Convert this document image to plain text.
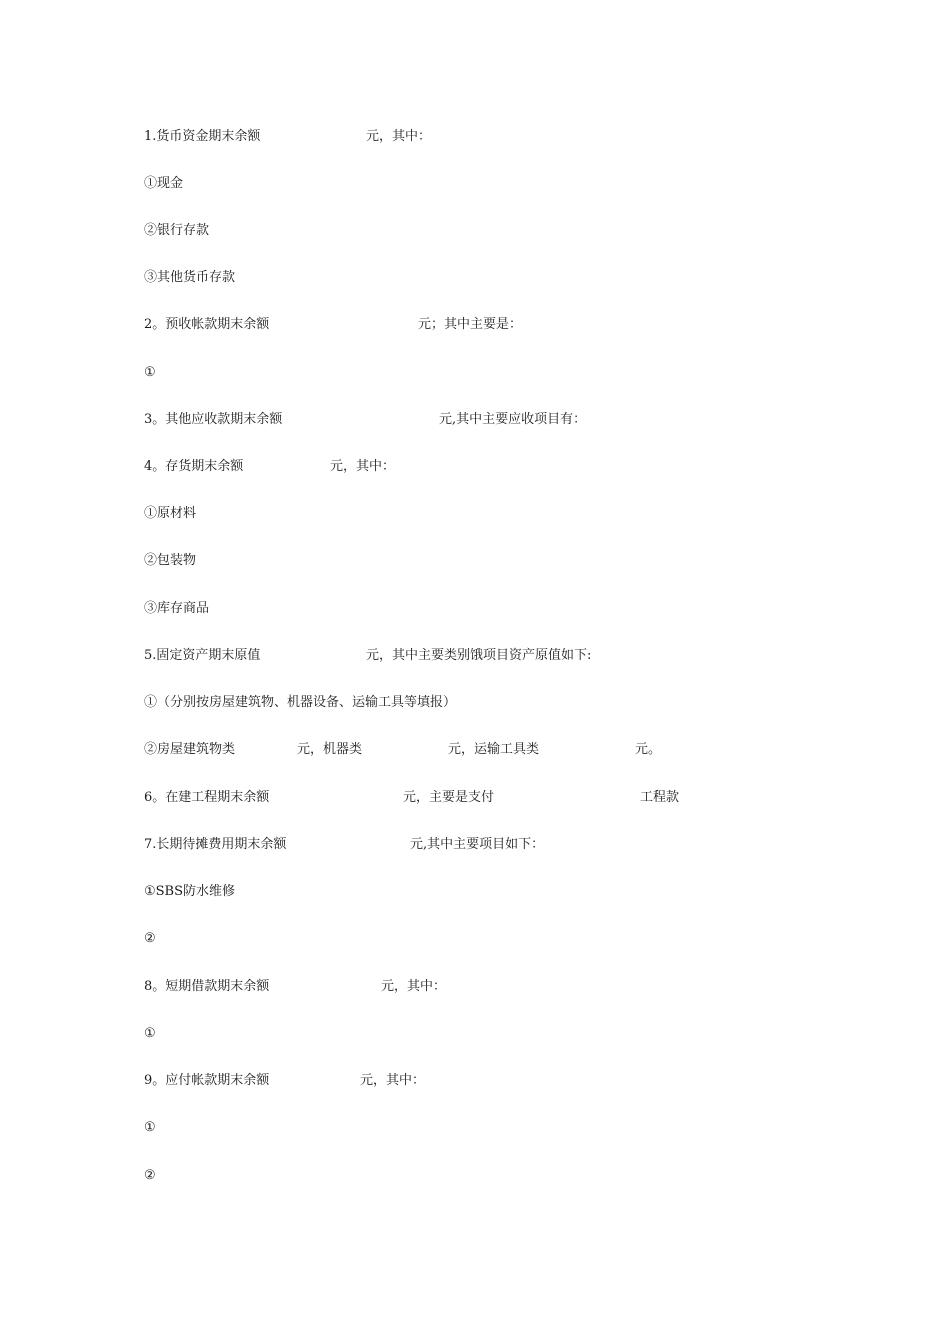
1.货币资金期末余额	元，其中：
①现金
②银行存款
③其他货币存款
2。预收帐款期末余额	元；其中主要是：
①
3。其他应收款期末余额	元,其中主要应收项目有：
4。存货期末余额	元，其中：
①原材料
②包装物
③库存商品
5.固定资产期末原值	元，其中主要类别饿项目资产原值如下:
①（分别按房屋建筑物、机器设备、运输工具等填报）
②房屋建筑物类	元，机器类	元，运输工具类	元。
6。在建工程期末余额	元，主要是支付	工程款
7.长期待摊费用期末余额	元,其中主要项目如下：
①SBS防水维修
②
8。短期借款期末余额	元，其中：
①
9。应付帐款期末余额	元，其中：
①
②
